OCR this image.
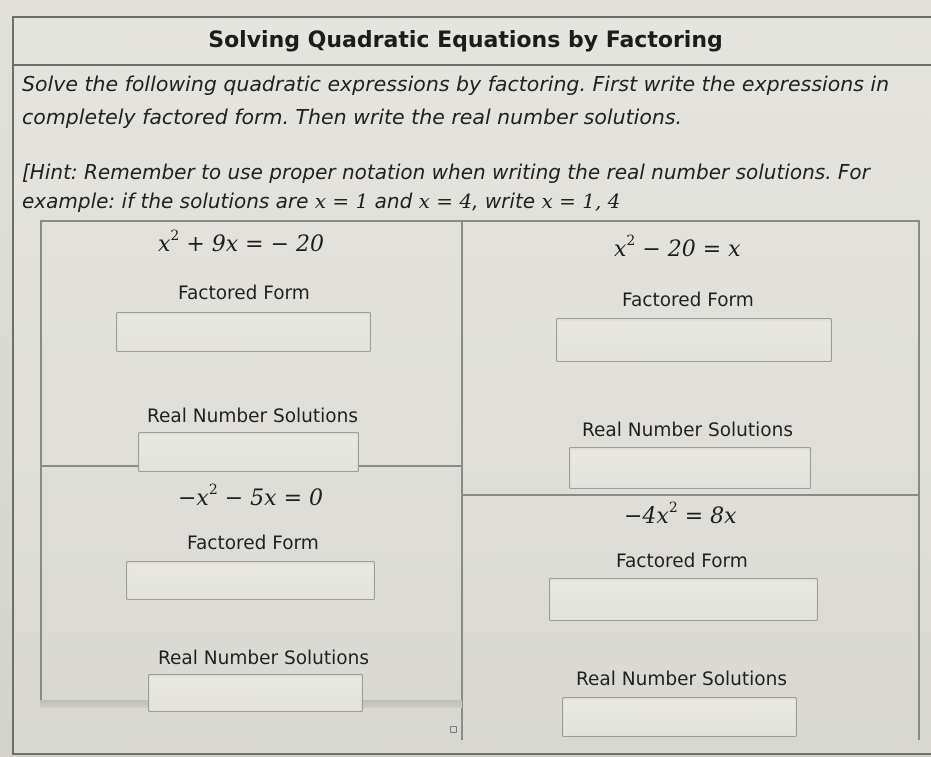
Solving Quadratic Equations by Factoring
Solve the following quadratic expressions by factoring. First write the expressions in completely factored form. Then write the real number solutions.
[Hint: Remember to use proper notation when writing the real number solutions. For example: if the solutions are x = 1 and x = 4, write x = 1, 4
$x^2 + 9x$ = − 20
Factored Form
Real Number Solutions
$x^2 - 20 = x$
Factored Form
Real Number Solutions
$-x^2 - 5x = 0$
Factored Form
Real Number Solutions
$-4x^2 = 8x$
Factored Form
Real Number Solutions
